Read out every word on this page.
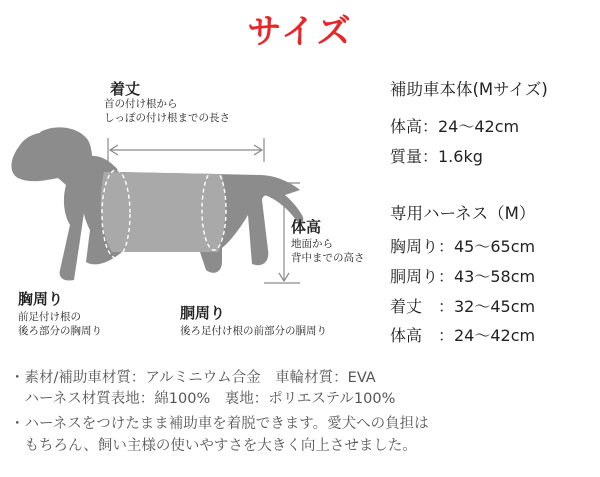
サイズ
着丈
首の付け根から
しっぽの付け根までの長さ
体高
地面から
背中までの高さ
胸周り
前足付け根の
後ろ部分の胸周り
胴周り
後ろ足付け根の前部分の胴周り
補助車本体(Mサイズ)
体高：24～42cm
質量：1.6kg
専用ハーネス（M）
胸周り：45～65cm
胴周り：43～58cm
着丈　：32～45cm
体高　：24～42cm
・素材/補助車材質：アルミニウム合金　車輪材質：EVA
　ハーネス材質表地：綿100%　裏地：ポリエステル100%
・ハーネスをつけたまま補助車を着脱できます。愛犬への負担は
　もちろん、飼い主様の使いやすさを大きく向上させました。
